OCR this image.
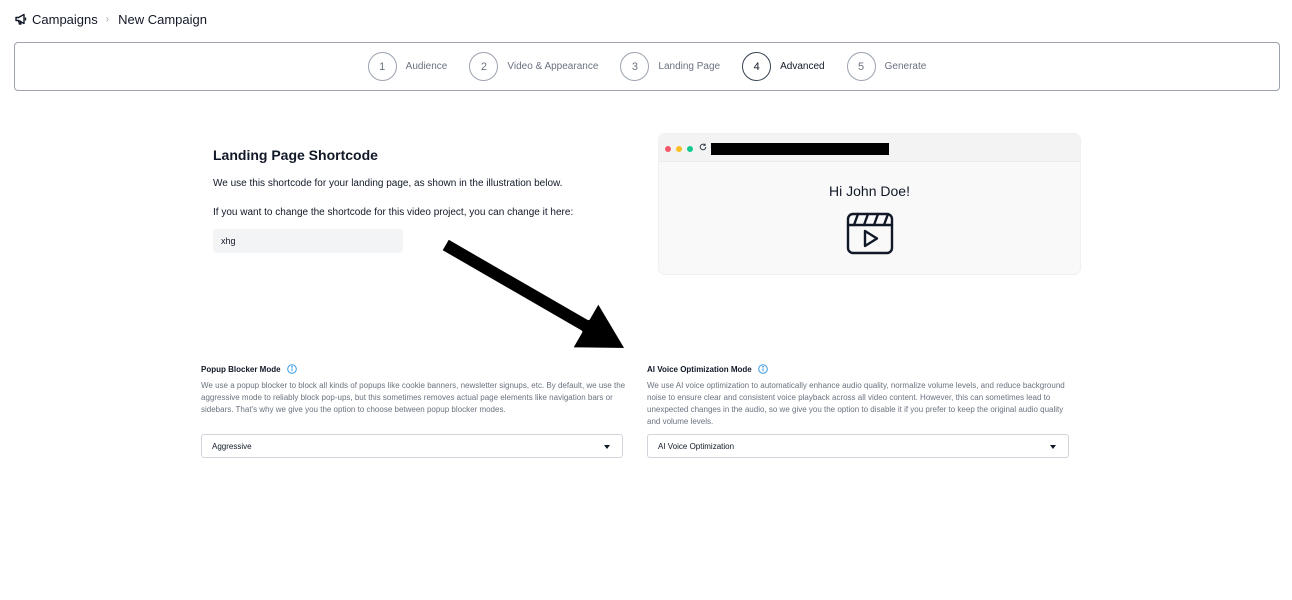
Campaigns › New Campaign
1	Audience	2	Video & Appearance	3	Landing Page	4	Advanced	5	Generate
Landing Page Shortcode
We use this shortcode for your landing page, as shown in the illustration below.
If you want to change the shortcode for this video project, you can change it here:
xhg
Hi John Doe!
Popup Blocker Mode
We use a popup blocker to block all kinds of popups like cookie banners, newsletter signups, etc. By default, we use the aggressive mode to reliably block pop-ups, but this sometimes removes actual page elements like navigation bars or sidebars. That's why we give you the option to choose between popup blocker modes.
Aggressive
AI Voice Optimization Mode
We use AI voice optimization to automatically enhance audio quality, normalize volume levels, and reduce background noise to ensure clear and consistent voice playback across all video content. However, this can sometimes lead to unexpected changes in the audio, so we give you the option to disable it if you prefer to keep the original audio quality and volume levels.
AI Voice Optimization
